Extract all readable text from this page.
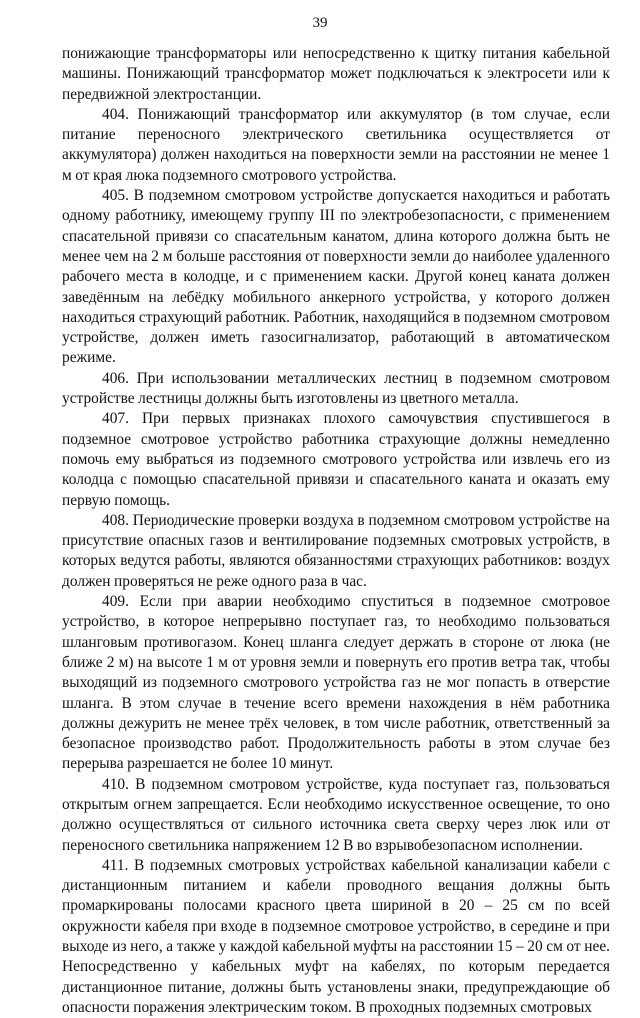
39

понижающие трансформаторы или непосредственно к щитку питания кабельной машины. Понижающий трансформатор может подключаться к электросети или к передвижной электростанции.

404. Понижающий трансформатор или аккумулятор (в том случае, если питание переносного электрического светильника осуществляется от аккумулятора) должен находиться на поверхности земли на расстоянии не менее 1 м от края люка подземного смотрового устройства.

405. В подземном смотровом устройстве допускается находиться и работать одному работнику, имеющему группу III по электробезопасности, с применением спасательной привязи со спасательным канатом, длина которого должна быть не менее чем на 2 м больше расстояния от поверхности земли до наиболее удаленного рабочего места в колодце, и с применением каски. Другой конец каната должен заведённым на лебёдку мобильного анкерного устройства, у которого должен находиться страхующий работник. Работник, находящийся в подземном смотровом устройстве, должен иметь газосигнализатор, работающий в автоматическом режиме.

406. При использовании металлических лестниц в подземном смотровом устройстве лестницы должны быть изготовлены из цветного металла.

407. При первых признаках плохого самочувствия спустившегося в подземное смотровое устройство работника страхующие должны немедленно помочь ему выбраться из подземного смотрового устройства или извлечь его из колодца с помощью спасательной привязи и спасательного каната и оказать ему первую помощь.

408. Периодические проверки воздуха в подземном смотровом устройстве на присутствие опасных газов и вентилирование подземных смотровых устройств, в которых ведутся работы, являются обязанностями страхующих работников: воздух должен проверяться не реже одного раза в час.

409. Если при аварии необходимо спуститься в подземное смотровое устройство, в которое непрерывно поступает газ, то необходимо пользоваться шланговым противогазом. Конец шланга следует держать в стороне от люка (не ближе 2 м) на высоте 1 м от уровня земли и повернуть его против ветра так, чтобы выходящий из подземного смотрового устройства газ не мог попасть в отверстие шланга. В этом случае в течение всего времени нахождения в нём работника должны дежурить не менее трёх человек, в том числе работник, ответственный за безопасное производство работ. Продолжительность работы в этом случае без перерыва разрешается не более 10 минут.

410. В подземном смотровом устройстве, куда поступает газ, пользоваться открытым огнем запрещается. Если необходимо искусственное освещение, то оно должно осуществляться от сильного источника света сверху через люк или от переносного светильника напряжением 12 В во взрывобезопасном исполнении.

411. В подземных смотровых устройствах кабельной канализации кабели с дистанционным питанием и кабели проводного вещания должны быть промаркированы полосами красного цвета шириной в 20 – 25 см по всей окружности кабеля при входе в подземное смотровое устройство, в середине и при выходе из него, а также у каждой кабельной муфты на расстоянии 15 – 20 см от нее. Непосредственно у кабельных муфт на кабелях, по которым передается дистанционное питание, должны быть установлены знаки, предупреждающие об опасности поражения электрическим током. В проходных подземных смотровых
